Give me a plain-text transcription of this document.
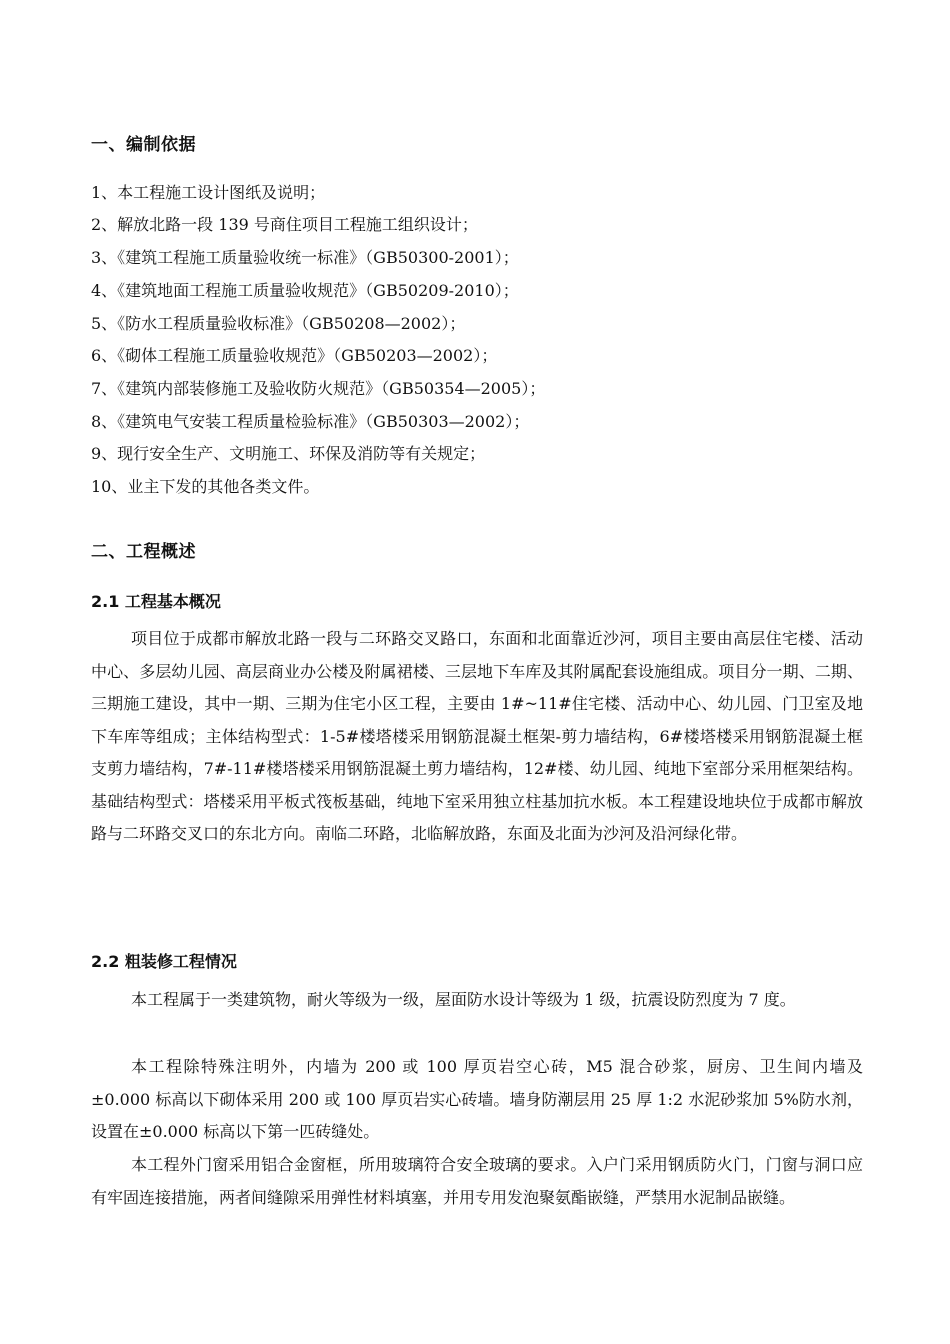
一、编制依据
1、本工程施工设计图纸及说明；
2、解放北路一段 139 号商住项目工程施工组织设计；
3、《建筑工程施工质量验收统一标准》（GB50300-2001）；
4、《建筑地面工程施工质量验收规范》（GB50209-2010）；
5、《防水工程质量验收标准》（GB50208—2002）；
6、《砌体工程施工质量验收规范》（GB50203—2002）；
7、《建筑内部装修施工及验收防火规范》（GB50354—2005）；
8、《建筑电气安装工程质量检验标准》（GB50303—2002）；
9、现行安全生产、文明施工、环保及消防等有关规定；
10、业主下发的其他各类文件。
二、工程概述
2.1 工程基本概况
项目位于成都市解放北路一段与二环路交叉路口，东面和北面靠近沙河，项目主要由高层住宅楼、活动中心、多层幼儿园、高层商业办公楼及附属裙楼、三层地下车库及其附属配套设施组成。项目分一期、二期、三期施工建设，其中一期、三期为住宅小区工程，主要由 1#~11#住宅楼、活动中心、幼儿园、门卫室及地下车库等组成；主体结构型式：1-5#楼塔楼采用钢筋混凝土框架-剪力墙结构，6#楼塔楼采用钢筋混凝土框支剪力墙结构，7#-11#楼塔楼采用钢筋混凝土剪力墙结构，12#楼、幼儿园、纯地下室部分采用框架结构。基础结构型式：塔楼采用平板式筏板基础，纯地下室采用独立柱基加抗水板。本工程建设地块位于成都市解放路与二环路交叉口的东北方向。南临二环路，北临解放路，东面及北面为沙河及沿河绿化带。
2.2 粗装修工程情况
本工程属于一类建筑物，耐火等级为一级，屋面防水设计等级为 1 级，抗震设防烈度为 7 度。
本工程除特殊注明外，内墙为 200 或 100 厚页岩空心砖，M5 混合砂浆，厨房、卫生间内墙及±0.000 标高以下砌体采用 200 或 100 厚页岩实心砖墙。墙身防潮层用 25 厚 1:2 水泥砂浆加 5%防水剂，设置在±0.000 标高以下第一匹砖缝处。
本工程外门窗采用铝合金窗框，所用玻璃符合安全玻璃的要求。入户门采用钢质防火门，门窗与洞口应有牢固连接措施，两者间缝隙采用弹性材料填塞，并用专用发泡聚氨酯嵌缝，严禁用水泥制品嵌缝。
